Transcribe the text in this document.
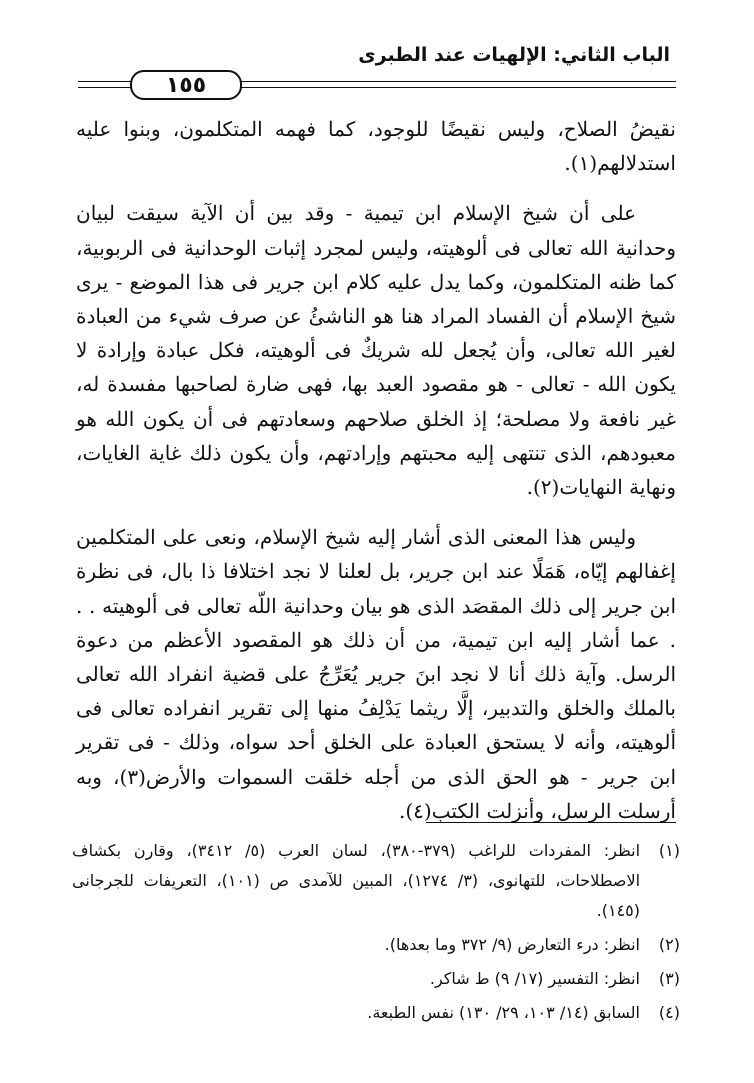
الباب الثاني: الإلهيات عند الطبرى
١٥٥

نقيضُ الصلاح، وليس نقيضًا للوجود، كما فهمه المتكلمون، وبنوا عليه استدلالهم(١).

على أن شيخ الإسلام ابن تيمية - وقد بين أن الآية سيقت لبيان وحدانية الله تعالى فى ألوهيته، وليس لمجرد إثبات الوحدانية فى الربوبية، كما ظنه المتكلمون، وكما يدل عليه كلام ابن جرير فى هذا الموضع - يرى شيخ الإسلام أن الفساد المراد هنا هو الناشئُ عن صرف شيء من العبادة لغير الله تعالى، وأن يُجعل لله شريكٌ فى ألوهيته، فكل عبادة وإرادة لا يكون الله - تعالى - هو مقصود العبد بها، فهى ضارة لصاحبها مفسدة له، غير نافعة ولا مصلحة؛ إذ الخلق صلاحهم وسعادتهم فى أن يكون الله هو معبودهم، الذى تنتهى إليه محبتهم وإرادتهم، وأن يكون ذلك غاية الغايات، ونهاية النهايات(٢).

وليس هذا المعنى الذى أشار إليه شيخ الإسلام، ونعى على المتكلمين إغفالهم إيّاه، هَمَلًا عند ابن جرير، بل لعلنا لا نجد اختلافا ذا بال، فى نظرة ابن جرير إلى ذلك المقصَد الذى هو بيان وحدانية اللّه تعالى فى ألوهيته . . . عما أشار إليه ابن تيمية، من أن ذلك هو المقصود الأعظم من دعوة الرسل. وآية ذلك أنا لا نجد ابنَ جرير يُعَرِّجُ على قضية انفراد الله تعالى بالملك والخلق والتدبير، إلَّا ريثما يَدْلِفُ منها إلى تقرير انفراده تعالى فى ألوهيته، وأنه لا يستحق العبادة على الخلق أحد سواه، وذلك - فى تقرير ابن جرير - هو الحق الذى من أجله خلقت السموات والأرض(٣)، وبه أرسلت الرسل، وأنزلت الكتب(٤).

(١)
انظر: المفردات للراغب (٣٧٩-٣٨٠)، لسان العرب (٥/ ٣٤١٢)، وقارن بكشاف الاصطلاحات، للتهانوى، (٣/ ١٢٧٤)، المبين للآمدى ص (١٠١)، التعريفات للجرجانى (١٤٥).
(٢)
انظر: درء التعارض (٩/ ٣٧٢ وما بعدها).
(٣)
انظر: التفسير (١٧/ ٩) ط شاكر.
(٤)
السابق (١٤/ ١٠٣، ٢٩/ ١٣٠) نفس الطبعة.
